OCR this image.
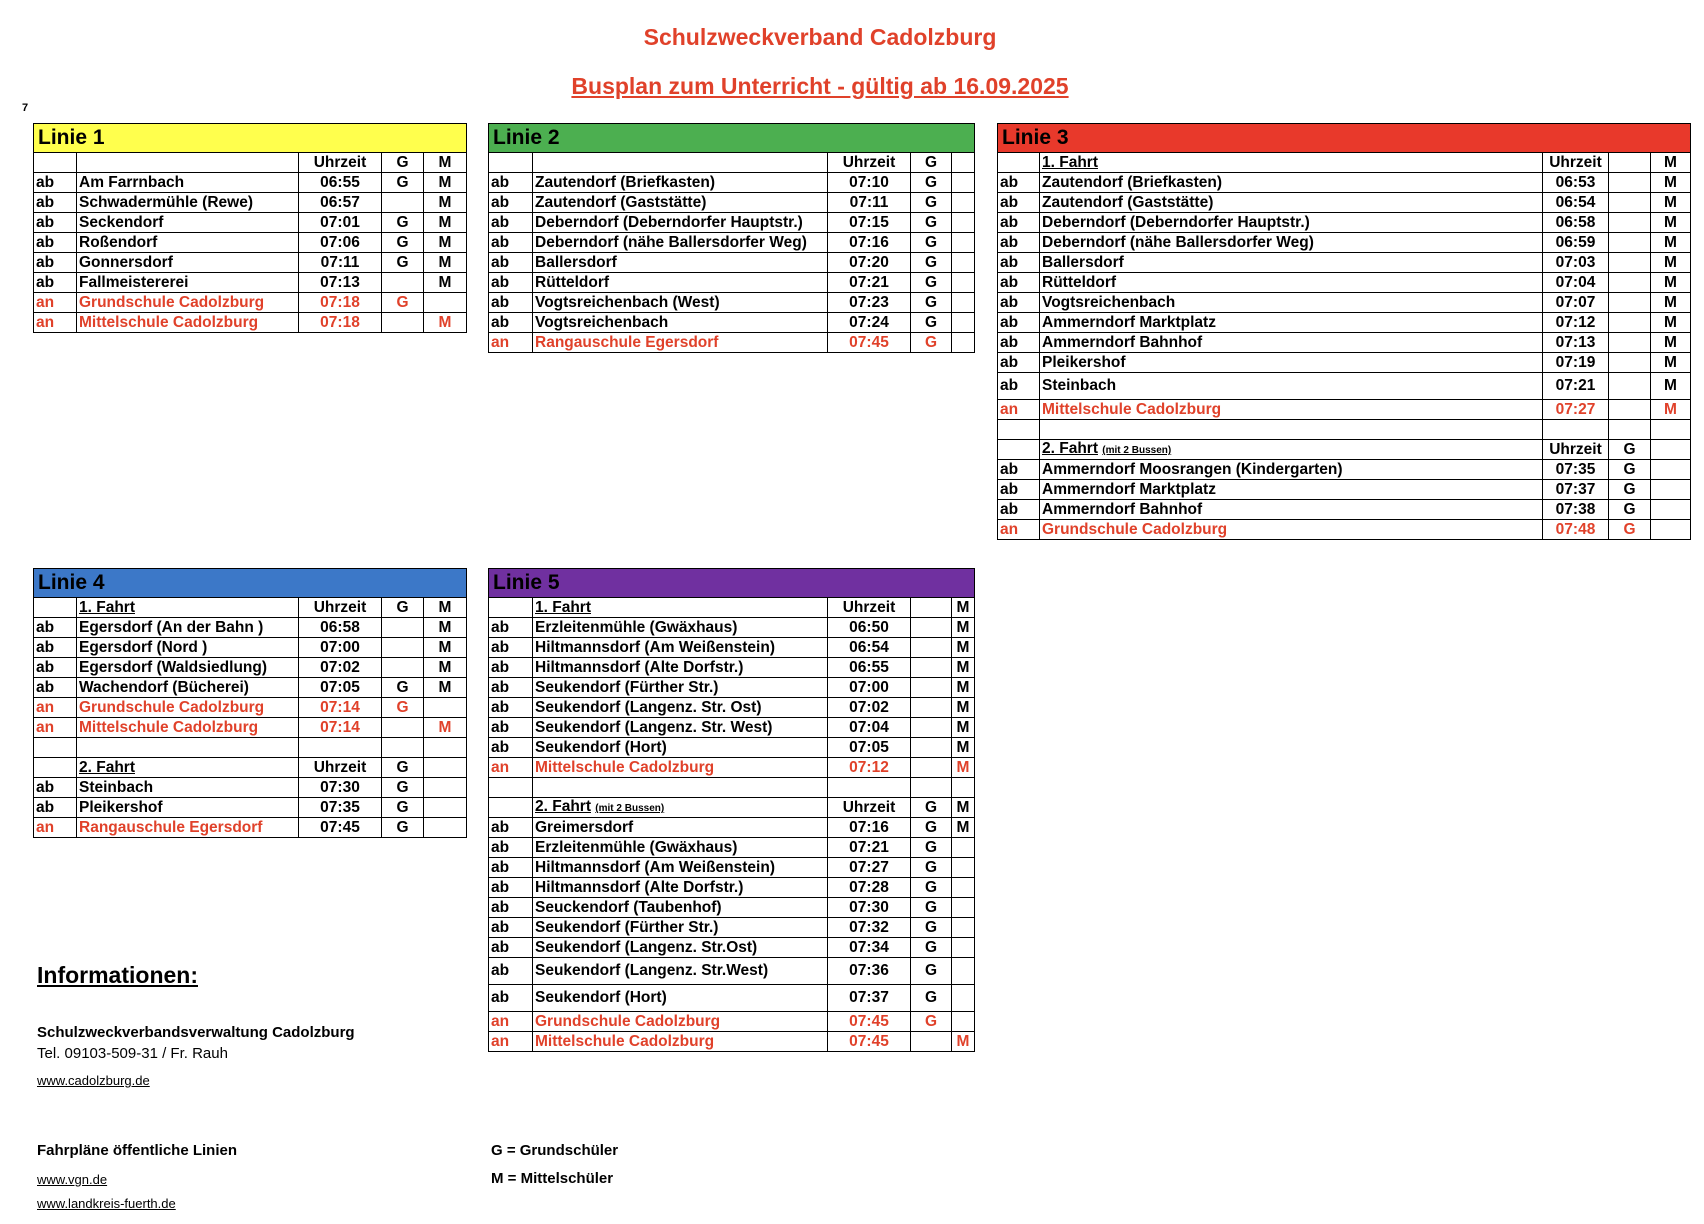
Schulzweckverband Cadolzburg
Busplan zum Unterricht - gültig ab 16.09.2025
7
Linie 1				
		Uhrzeit	G	M
ab	Am Farrnbach	06:55	G	M
ab	Schwadermühle (Rewe)	06:57		M
ab	Seckendorf	07:01	G	M
ab	Roßendorf	07:06	G	M
ab	Gonnersdorf	07:11	G	M
ab	Fallmeistererei	07:13		M
an	Grundschule Cadolzburg	07:18	G	
an	Mittelschule Cadolzburg	07:18		M
Linie 2				
		Uhrzeit	G	
ab	Zautendorf (Briefkasten)	07:10	G	
ab	Zautendorf (Gaststätte)	07:11	G	
ab	Deberndorf (Deberndorfer Hauptstr.)	07:15	G	
ab	Deberndorf (nähe Ballersdorfer Weg)	07:16	G	
ab	Ballersdorf	07:20	G	
ab	Rütteldorf	07:21	G	
ab	Vogtsreichenbach (West)	07:23	G	
ab	Vogtsreichenbach	07:24	G	
an	Rangauschule Egersdorf	07:45	G	
Linie 3				
	1. Fahrt	Uhrzeit		M
ab	Zautendorf (Briefkasten)	06:53		M
ab	Zautendorf (Gaststätte)	06:54		M
ab	Deberndorf (Deberndorfer Hauptstr.)	06:58		M
ab	Deberndorf (nähe Ballersdorfer Weg)	06:59		M
ab	Ballersdorf	07:03		M
ab	Rütteldorf	07:04		M
ab	Vogtsreichenbach	07:07		M
ab	Ammerndorf Marktplatz	07:12		M
ab	Ammerndorf Bahnhof	07:13		M
ab	Pleikershof	07:19		M
ab	Steinbach	07:21		M
an	Mittelschule Cadolzburg	07:27		M

	2. Fahrt (mit 2 Bussen)	Uhrzeit	G	
ab	Ammerndorf Moosrangen (Kindergarten)	07:35	G	
ab	Ammerndorf Marktplatz	07:37	G	
ab	Ammerndorf Bahnhof	07:38	G	
an	Grundschule Cadolzburg	07:48	G	
Linie 4				
	1. Fahrt	Uhrzeit	G	M
ab	Egersdorf (An der Bahn )	06:58		M
ab	Egersdorf (Nord )	07:00		M
ab	Egersdorf (Waldsiedlung)	07:02		M
ab	Wachendorf (Bücherei)	07:05	G	M
an	Grundschule Cadolzburg	07:14	G	
an	Mittelschule Cadolzburg	07:14		M

	2. Fahrt	Uhrzeit	G	
ab	Steinbach	07:30	G	
ab	Pleikershof	07:35	G	
an	Rangauschule Egersdorf	07:45	G	
Linie 5				
	1. Fahrt	Uhrzeit		M
ab	Erzleitenmühle (Gwäxhaus)	06:50		M
ab	Hiltmannsdorf (Am Weißenstein)	06:54		M
ab	Hiltmannsdorf (Alte Dorfstr.)	06:55		M
ab	Seukendorf (Fürther Str.)	07:00		M
ab	Seukendorf (Langenz. Str. Ost)	07:02		M
ab	Seukendorf (Langenz. Str. West)	07:04		M
ab	Seukendorf (Hort)	07:05		M
an	Mittelschule Cadolzburg	07:12		M

	2. Fahrt (mit 2 Bussen)	Uhrzeit	G	M
ab	Greimersdorf	07:16	G	M
ab	Erzleitenmühle (Gwäxhaus)	07:21	G	
ab	Hiltmannsdorf (Am Weißenstein)	07:27	G	
ab	Hiltmannsdorf (Alte Dorfstr.)	07:28	G	
ab	Seuckendorf (Taubenhof)	07:30	G	
ab	Seukendorf (Fürther Str.)	07:32	G	
ab	Seukendorf (Langenz. Str.Ost)	07:34	G	
ab	Seukendorf (Langenz. Str.West)	07:36	G	
ab	Seukendorf (Hort)	07:37	G	
an	Grundschule Cadolzburg	07:45	G	
an	Mittelschule Cadolzburg	07:45		M
Informationen:
Schulzweckverbandsverwaltung Cadolzburg
Tel. 09103-509-31 / Fr. Rauh
www.cadolzburg.de
Fahrpläne öffentliche Linien
www.vgn.de
www.landkreis-fuerth.de
G = Grundschüler
M = Mittelschüler
